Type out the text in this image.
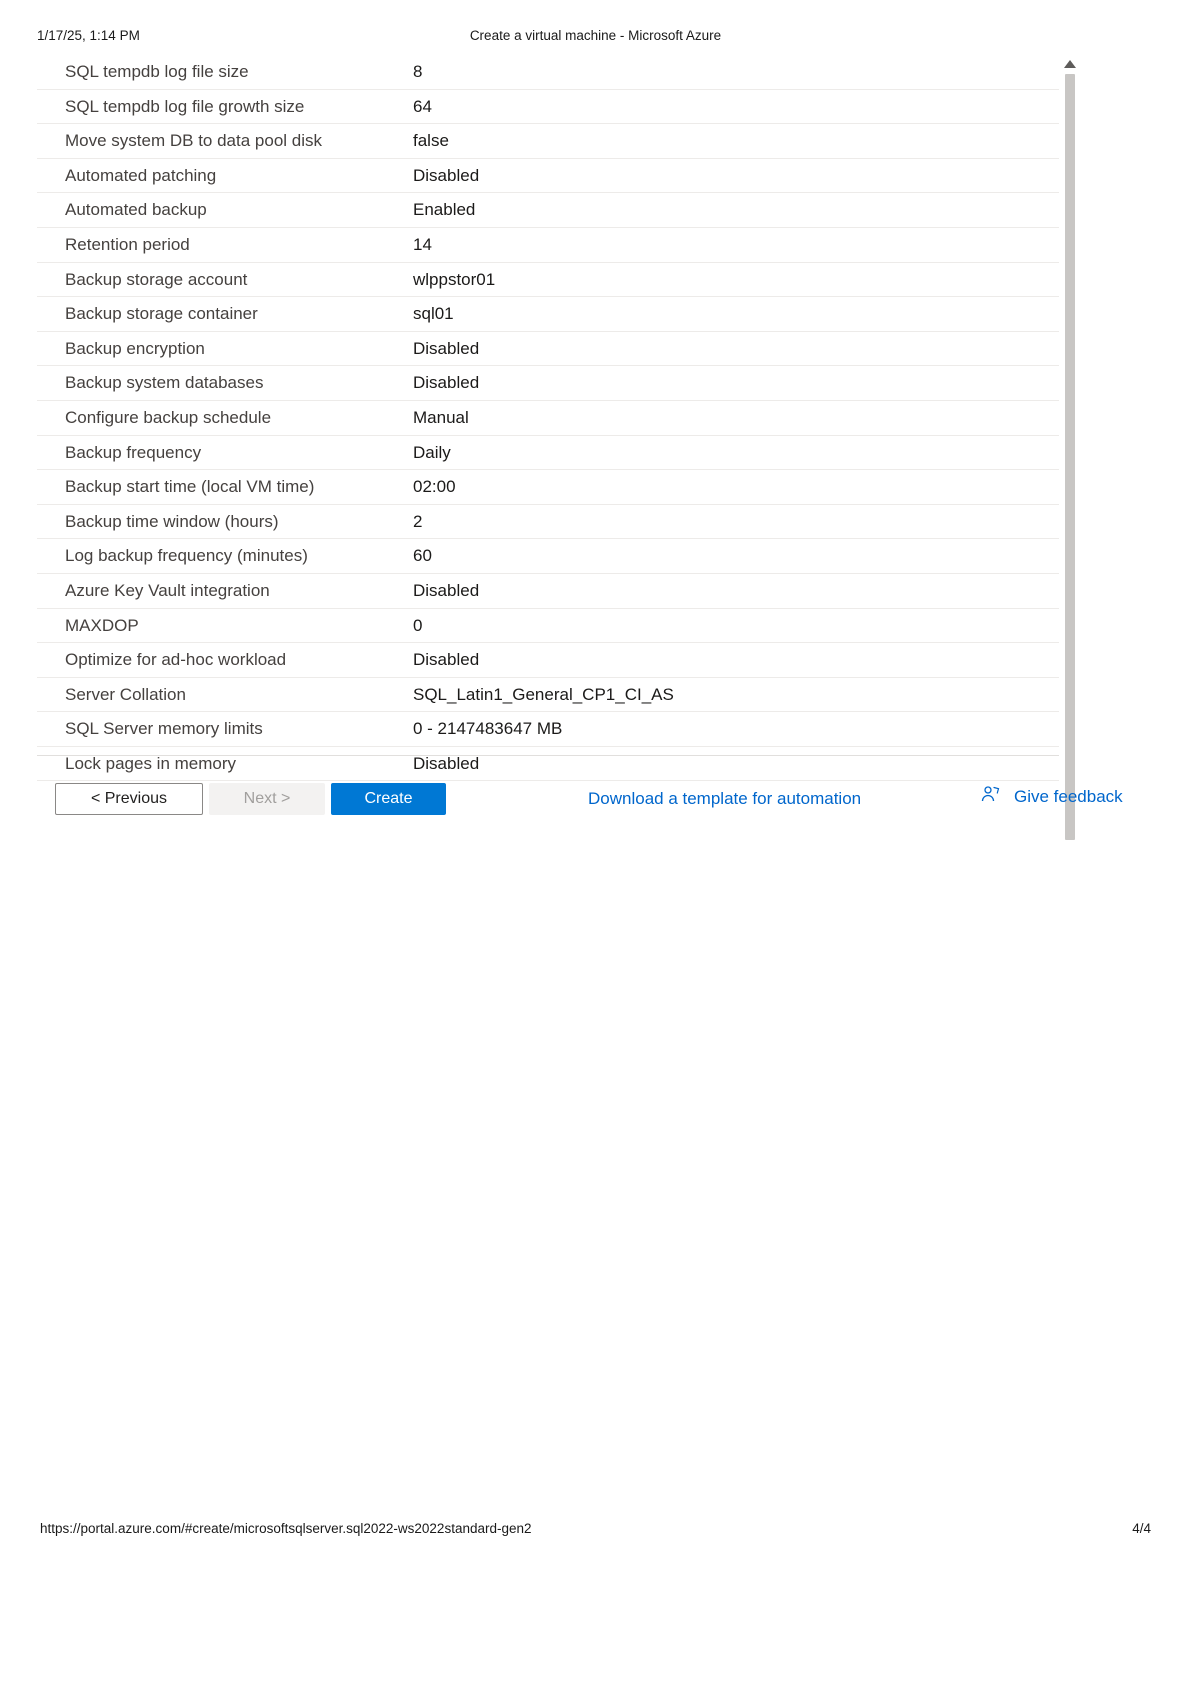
1/17/25, 1:14 PM	Create a virtual machine - Microsoft Azure
SQL tempdb log file size	8
SQL tempdb log file growth size	64
Move system DB to data pool disk	false
Automated patching	Disabled
Automated backup	Enabled
Retention period	14
Backup storage account	wlppstor01
Backup storage container	sql01
Backup encryption	Disabled
Backup system databases	Disabled
Configure backup schedule	Manual
Backup frequency	Daily
Backup start time (local VM time)	02:00
Backup time window (hours)	2
Log backup frequency (minutes)	60
Azure Key Vault integration	Disabled
MAXDOP	0
Optimize for ad-hoc workload	Disabled
Server Collation	SQL_Latin1_General_CP1_CI_AS
SQL Server memory limits	0 - 2147483647 MB
Lock pages in memory	Disabled
< Previous	Next >	Create	Download a template for automation	Give feedback
https://portal.azure.com/#create/microsoftsqlserver.sql2022-ws2022standard-gen2	4/4
